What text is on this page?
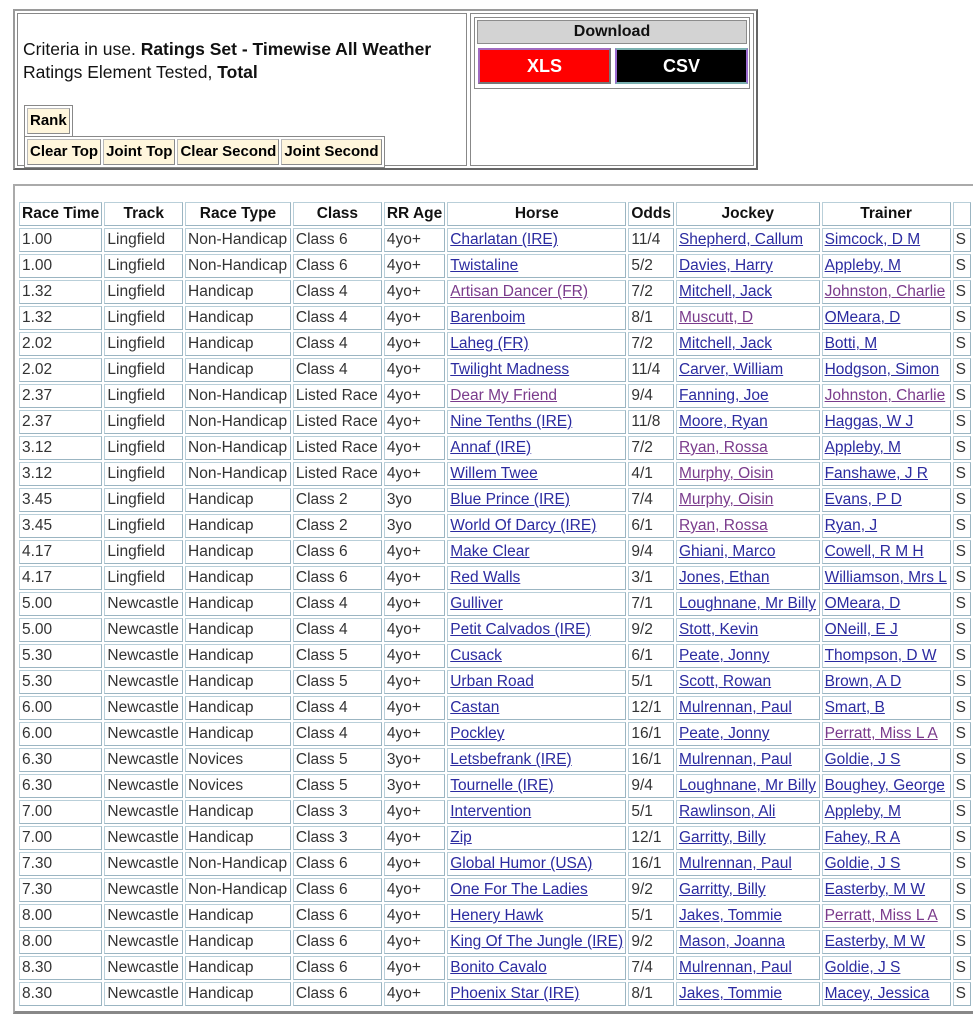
Criteria in use. Ratings Set - Timewise All Weather
Ratings Element Tested, Total
Rank
Clear Top Joint Top Clear Second Joint Second
Download
XLS	CSV
Race Time	Track	Race Type	Class	RR Age	Horse	Odds	Jockey	Trainer	
1.00	Lingfield	Non-Handicap	Class 6	4yo+	Charlatan (IRE)	11/4	Shepherd, Callum	Simcock, D M	S
1.00	Lingfield	Non-Handicap	Class 6	4yo+	Twistaline	5/2	Davies, Harry	Appleby, M	S
1.32	Lingfield	Handicap	Class 4	4yo+	Artisan Dancer (FR)	7/2	Mitchell, Jack	Johnston, Charlie	S
1.32	Lingfield	Handicap	Class 4	4yo+	Barenboim	8/1	Muscutt, D	OMeara, D	S
2.02	Lingfield	Handicap	Class 4	4yo+	Laheg (FR)	7/2	Mitchell, Jack	Botti, M	S
2.02	Lingfield	Handicap	Class 4	4yo+	Twilight Madness	11/4	Carver, William	Hodgson, Simon	S
2.37	Lingfield	Non-Handicap	Listed Race	4yo+	Dear My Friend	9/4	Fanning, Joe	Johnston, Charlie	S
2.37	Lingfield	Non-Handicap	Listed Race	4yo+	Nine Tenths (IRE)	11/8	Moore, Ryan	Haggas, W J	S
3.12	Lingfield	Non-Handicap	Listed Race	4yo+	Annaf (IRE)	7/2	Ryan, Rossa	Appleby, M	S
3.12	Lingfield	Non-Handicap	Listed Race	4yo+	Willem Twee	4/1	Murphy, Oisin	Fanshawe, J R	S
3.45	Lingfield	Handicap	Class 2	3yo	Blue Prince (IRE)	7/4	Murphy, Oisin	Evans, P D	S
3.45	Lingfield	Handicap	Class 2	3yo	World Of Darcy (IRE)	6/1	Ryan, Rossa	Ryan, J	S
4.17	Lingfield	Handicap	Class 6	4yo+	Make Clear	9/4	Ghiani, Marco	Cowell, R M H	S
4.17	Lingfield	Handicap	Class 6	4yo+	Red Walls	3/1	Jones, Ethan	Williamson, Mrs L	S
5.00	Newcastle	Handicap	Class 4	4yo+	Gulliver	7/1	Loughnane, Mr Billy	OMeara, D	S
5.00	Newcastle	Handicap	Class 4	4yo+	Petit Calvados (IRE)	9/2	Stott, Kevin	ONeill, E J	S
5.30	Newcastle	Handicap	Class 5	4yo+	Cusack	6/1	Peate, Jonny	Thompson, D W	S
5.30	Newcastle	Handicap	Class 5	4yo+	Urban Road	5/1	Scott, Rowan	Brown, A D	S
6.00	Newcastle	Handicap	Class 4	4yo+	Castan	12/1	Mulrennan, Paul	Smart, B	S
6.00	Newcastle	Handicap	Class 4	4yo+	Pockley	16/1	Peate, Jonny	Perratt, Miss L A	S
6.30	Newcastle	Novices	Class 5	3yo+	Letsbefrank (IRE)	16/1	Mulrennan, Paul	Goldie, J S	S
6.30	Newcastle	Novices	Class 5	3yo+	Tournelle (IRE)	9/4	Loughnane, Mr Billy	Boughey, George	S
7.00	Newcastle	Handicap	Class 3	4yo+	Intervention	5/1	Rawlinson, Ali	Appleby, M	S
7.00	Newcastle	Handicap	Class 3	4yo+	Zip	12/1	Garritty, Billy	Fahey, R A	S
7.30	Newcastle	Non-Handicap	Class 6	4yo+	Global Humor (USA)	16/1	Mulrennan, Paul	Goldie, J S	S
7.30	Newcastle	Non-Handicap	Class 6	4yo+	One For The Ladies	9/2	Garritty, Billy	Easterby, M W	S
8.00	Newcastle	Handicap	Class 6	4yo+	Henery Hawk	5/1	Jakes, Tommie	Perratt, Miss L A	S
8.00	Newcastle	Handicap	Class 6	4yo+	King Of The Jungle (IRE)	9/2	Mason, Joanna	Easterby, M W	S
8.30	Newcastle	Handicap	Class 6	4yo+	Bonito Cavalo	7/4	Mulrennan, Paul	Goldie, J S	S
8.30	Newcastle	Handicap	Class 6	4yo+	Phoenix Star (IRE)	8/1	Jakes, Tommie	Macey, Jessica	S
